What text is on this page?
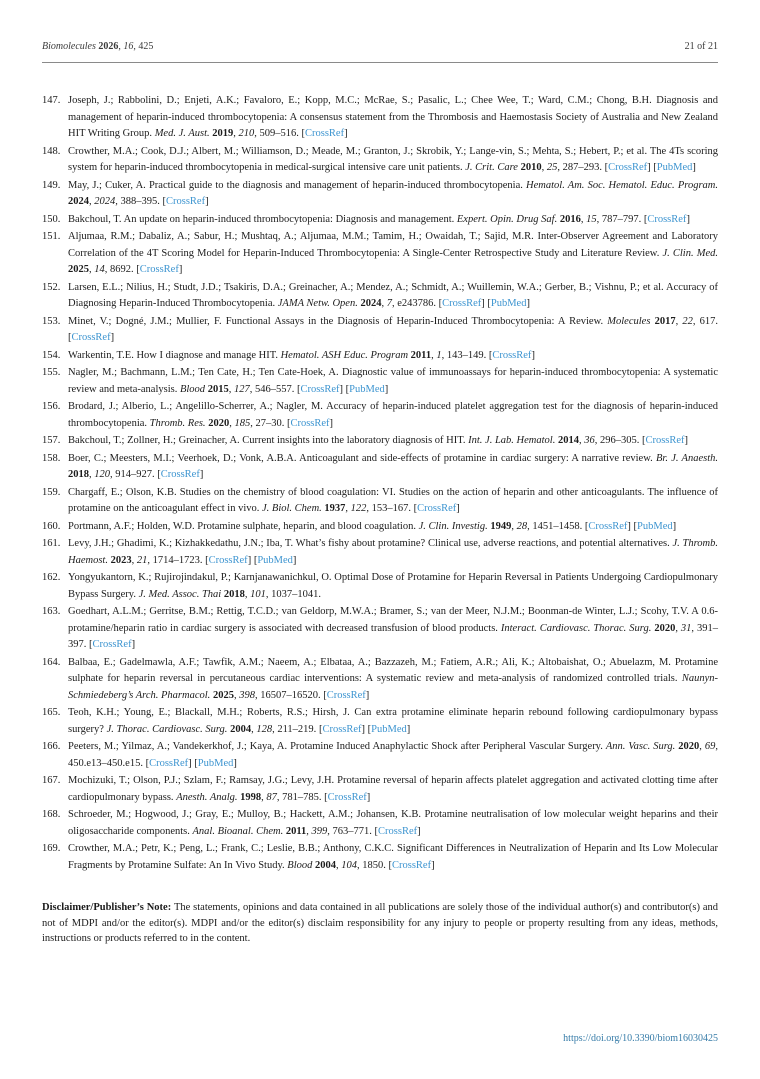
Biomolecules 2026, 16, 425	21 of 21
147. Joseph, J.; Rabbolini, D.; Enjeti, A.K.; Favaloro, E.; Kopp, M.C.; McRae, S.; Pasalic, L.; Chee Wee, T.; Ward, C.M.; Chong, B.H. Diagnosis and management of heparin-induced thrombocytopenia: A consensus statement from the Thrombosis and Haemostasis Society of Australia and New Zealand HIT Writing Group. Med. J. Aust. 2019, 210, 509–516. [CrossRef]
148. Crowther, M.A.; Cook, D.J.; Albert, M.; Williamson, D.; Meade, M.; Granton, J.; Skrobik, Y.; Lange-vin, S.; Mehta, S.; Hebert, P.; et al. The 4Ts scoring system for heparin-induced thrombocytopenia in medical-surgical intensive care unit patients. J. Crit. Care 2010, 25, 287–293. [CrossRef] [PubMed]
149. May, J.; Cuker, A. Practical guide to the diagnosis and management of heparin-induced thrombocytopenia. Hematol. Am. Soc. Hematol. Educ. Program. 2024, 2024, 388–395. [CrossRef]
150. Bakchoul, T. An update on heparin-induced thrombocytopenia: Diagnosis and management. Expert. Opin. Drug Saf. 2016, 15, 787–797. [CrossRef]
151. Aljumaa, R.M.; Dabaliz, A.; Sabur, H.; Mushtaq, A.; Aljumaa, M.M.; Tamim, H.; Owaidah, T.; Sajid, M.R. Inter-Observer Agreement and Laboratory Correlation of the 4T Scoring Model for Heparin-Induced Thrombocytopenia: A Single-Center Retrospective Study and Literature Review. J. Clin. Med. 2025, 14, 8692. [CrossRef]
152. Larsen, E.L.; Nilius, H.; Studt, J.D.; Tsakiris, D.A.; Greinacher, A.; Mendez, A.; Schmidt, A.; Wuillemin, W.A.; Gerber, B.; Vishnu, P.; et al. Accuracy of Diagnosing Heparin-Induced Thrombocytopenia. JAMA Netw. Open. 2024, 7, e243786. [CrossRef] [PubMed]
153. Minet, V.; Dogné, J.M.; Mullier, F. Functional Assays in the Diagnosis of Heparin-Induced Thrombocytopenia: A Review. Molecules 2017, 22, 617. [CrossRef]
154. Warkentin, T.E. How I diagnose and manage HIT. Hematol. ASH Educ. Program 2011, 1, 143–149. [CrossRef]
155. Nagler, M.; Bachmann, L.M.; Ten Cate, H.; Ten Cate-Hoek, A. Diagnostic value of immunoassays for heparin-induced thrombocytopenia: A systematic review and meta-analysis. Blood 2015, 127, 546–557. [CrossRef] [PubMed]
156. Brodard, J.; Alberio, L.; Angelillo-Scherrer, A.; Nagler, M. Accuracy of heparin-induced platelet aggregation test for the diagnosis of heparin-induced thrombocytopenia. Thromb. Res. 2020, 185, 27–30. [CrossRef]
157. Bakchoul, T.; Zollner, H.; Greinacher, A. Current insights into the laboratory diagnosis of HIT. Int. J. Lab. Hematol. 2014, 36, 296–305. [CrossRef]
158. Boer, C.; Meesters, M.I.; Veerhoek, D.; Vonk, A.B.A. Anticoagulant and side-effects of protamine in cardiac surgery: A narrative review. Br. J. Anaesth. 2018, 120, 914–927. [CrossRef]
159. Chargaff, E.; Olson, K.B. Studies on the chemistry of blood coagulation: VI. Studies on the action of heparin and other anticoagulants. The influence of protamine on the anticoagulant effect in vivo. J. Biol. Chem. 1937, 122, 153–167. [CrossRef]
160. Portmann, A.F.; Holden, W.D. Protamine sulphate, heparin, and blood coagulation. J. Clin. Investig. 1949, 28, 1451–1458. [CrossRef] [PubMed]
161. Levy, J.H.; Ghadimi, K.; Kizhakkedathu, J.N.; Iba, T. What’s fishy about protamine? Clinical use, adverse reactions, and potential alternatives. J. Thromb. Haemost. 2023, 21, 1714–1723. [CrossRef] [PubMed]
162. Yongyukantorn, K.; Rujirojindakul, P.; Karnjanawanichkul, O. Optimal Dose of Protamine for Heparin Reversal in Patients Undergoing Cardiopulmonary Bypass Surgery. J. Med. Assoc. Thai 2018, 101, 1037–1041.
163. Goedhart, A.L.M.; Gerritse, B.M.; Rettig, T.C.D.; van Geldorp, M.W.A.; Bramer, S.; van der Meer, N.J.M.; Boonman-de Winter, L.J.; Scohy, T.V. A 0.6-protamine/heparin ratio in cardiac surgery is associated with decreased transfusion of blood products. Interact. Cardiovasc. Thorac. Surg. 2020, 31, 391–397. [CrossRef]
164. Balbaa, E.; Gadelmawla, A.F.; Tawfik, A.M.; Naeem, A.; Elbataa, A.; Bazzazeh, M.; Fatiem, A.R.; Ali, K.; Altobaishat, O.; Abuelazm, M. Protamine sulphate for heparin reversal in percutaneous cardiac interventions: A systematic review and meta-analysis of randomized controlled trials. Naunyn-Schmiedeberg’s Arch. Pharmacol. 2025, 398, 16507–16520. [CrossRef]
165. Teoh, K.H.; Young, E.; Blackall, M.H.; Roberts, R.S.; Hirsh, J. Can extra protamine eliminate heparin rebound following cardiopulmonary bypass surgery? J. Thorac. Cardiovasc. Surg. 2004, 128, 211–219. [CrossRef] [PubMed]
166. Peeters, M.; Yilmaz, A.; Vandekerkhof, J.; Kaya, A. Protamine Induced Anaphylactic Shock after Peripheral Vascular Surgery. Ann. Vasc. Surg. 2020, 69, 450.e13–450.e15. [CrossRef] [PubMed]
167. Mochizuki, T.; Olson, P.J.; Szlam, F.; Ramsay, J.G.; Levy, J.H. Protamine reversal of heparin affects platelet aggregation and activated clotting time after cardiopulmonary bypass. Anesth. Analg. 1998, 87, 781–785. [CrossRef]
168. Schroeder, M.; Hogwood, J.; Gray, E.; Mulloy, B.; Hackett, A.M.; Johansen, K.B. Protamine neutralisation of low molecular weight heparins and their oligosaccharide components. Anal. Bioanal. Chem. 2011, 399, 763–771. [CrossRef]
169. Crowther, M.A.; Petr, K.; Peng, L.; Frank, C.; Leslie, B.B.; Anthony, C.K.C. Significant Differences in Neutralization of Heparin and Its Low Molecular Fragments by Protamine Sulfate: An In Vivo Study. Blood 2004, 104, 1850. [CrossRef]

Disclaimer/Publisher’s Note: The statements, opinions and data contained in all publications are solely those of the individual author(s) and contributor(s) and not of MDPI and/or the editor(s). MDPI and/or the editor(s) disclaim responsibility for any injury to people or property resulting from any ideas, methods, instructions or products referred to in the content.

https://doi.org/10.3390/biom16030425
